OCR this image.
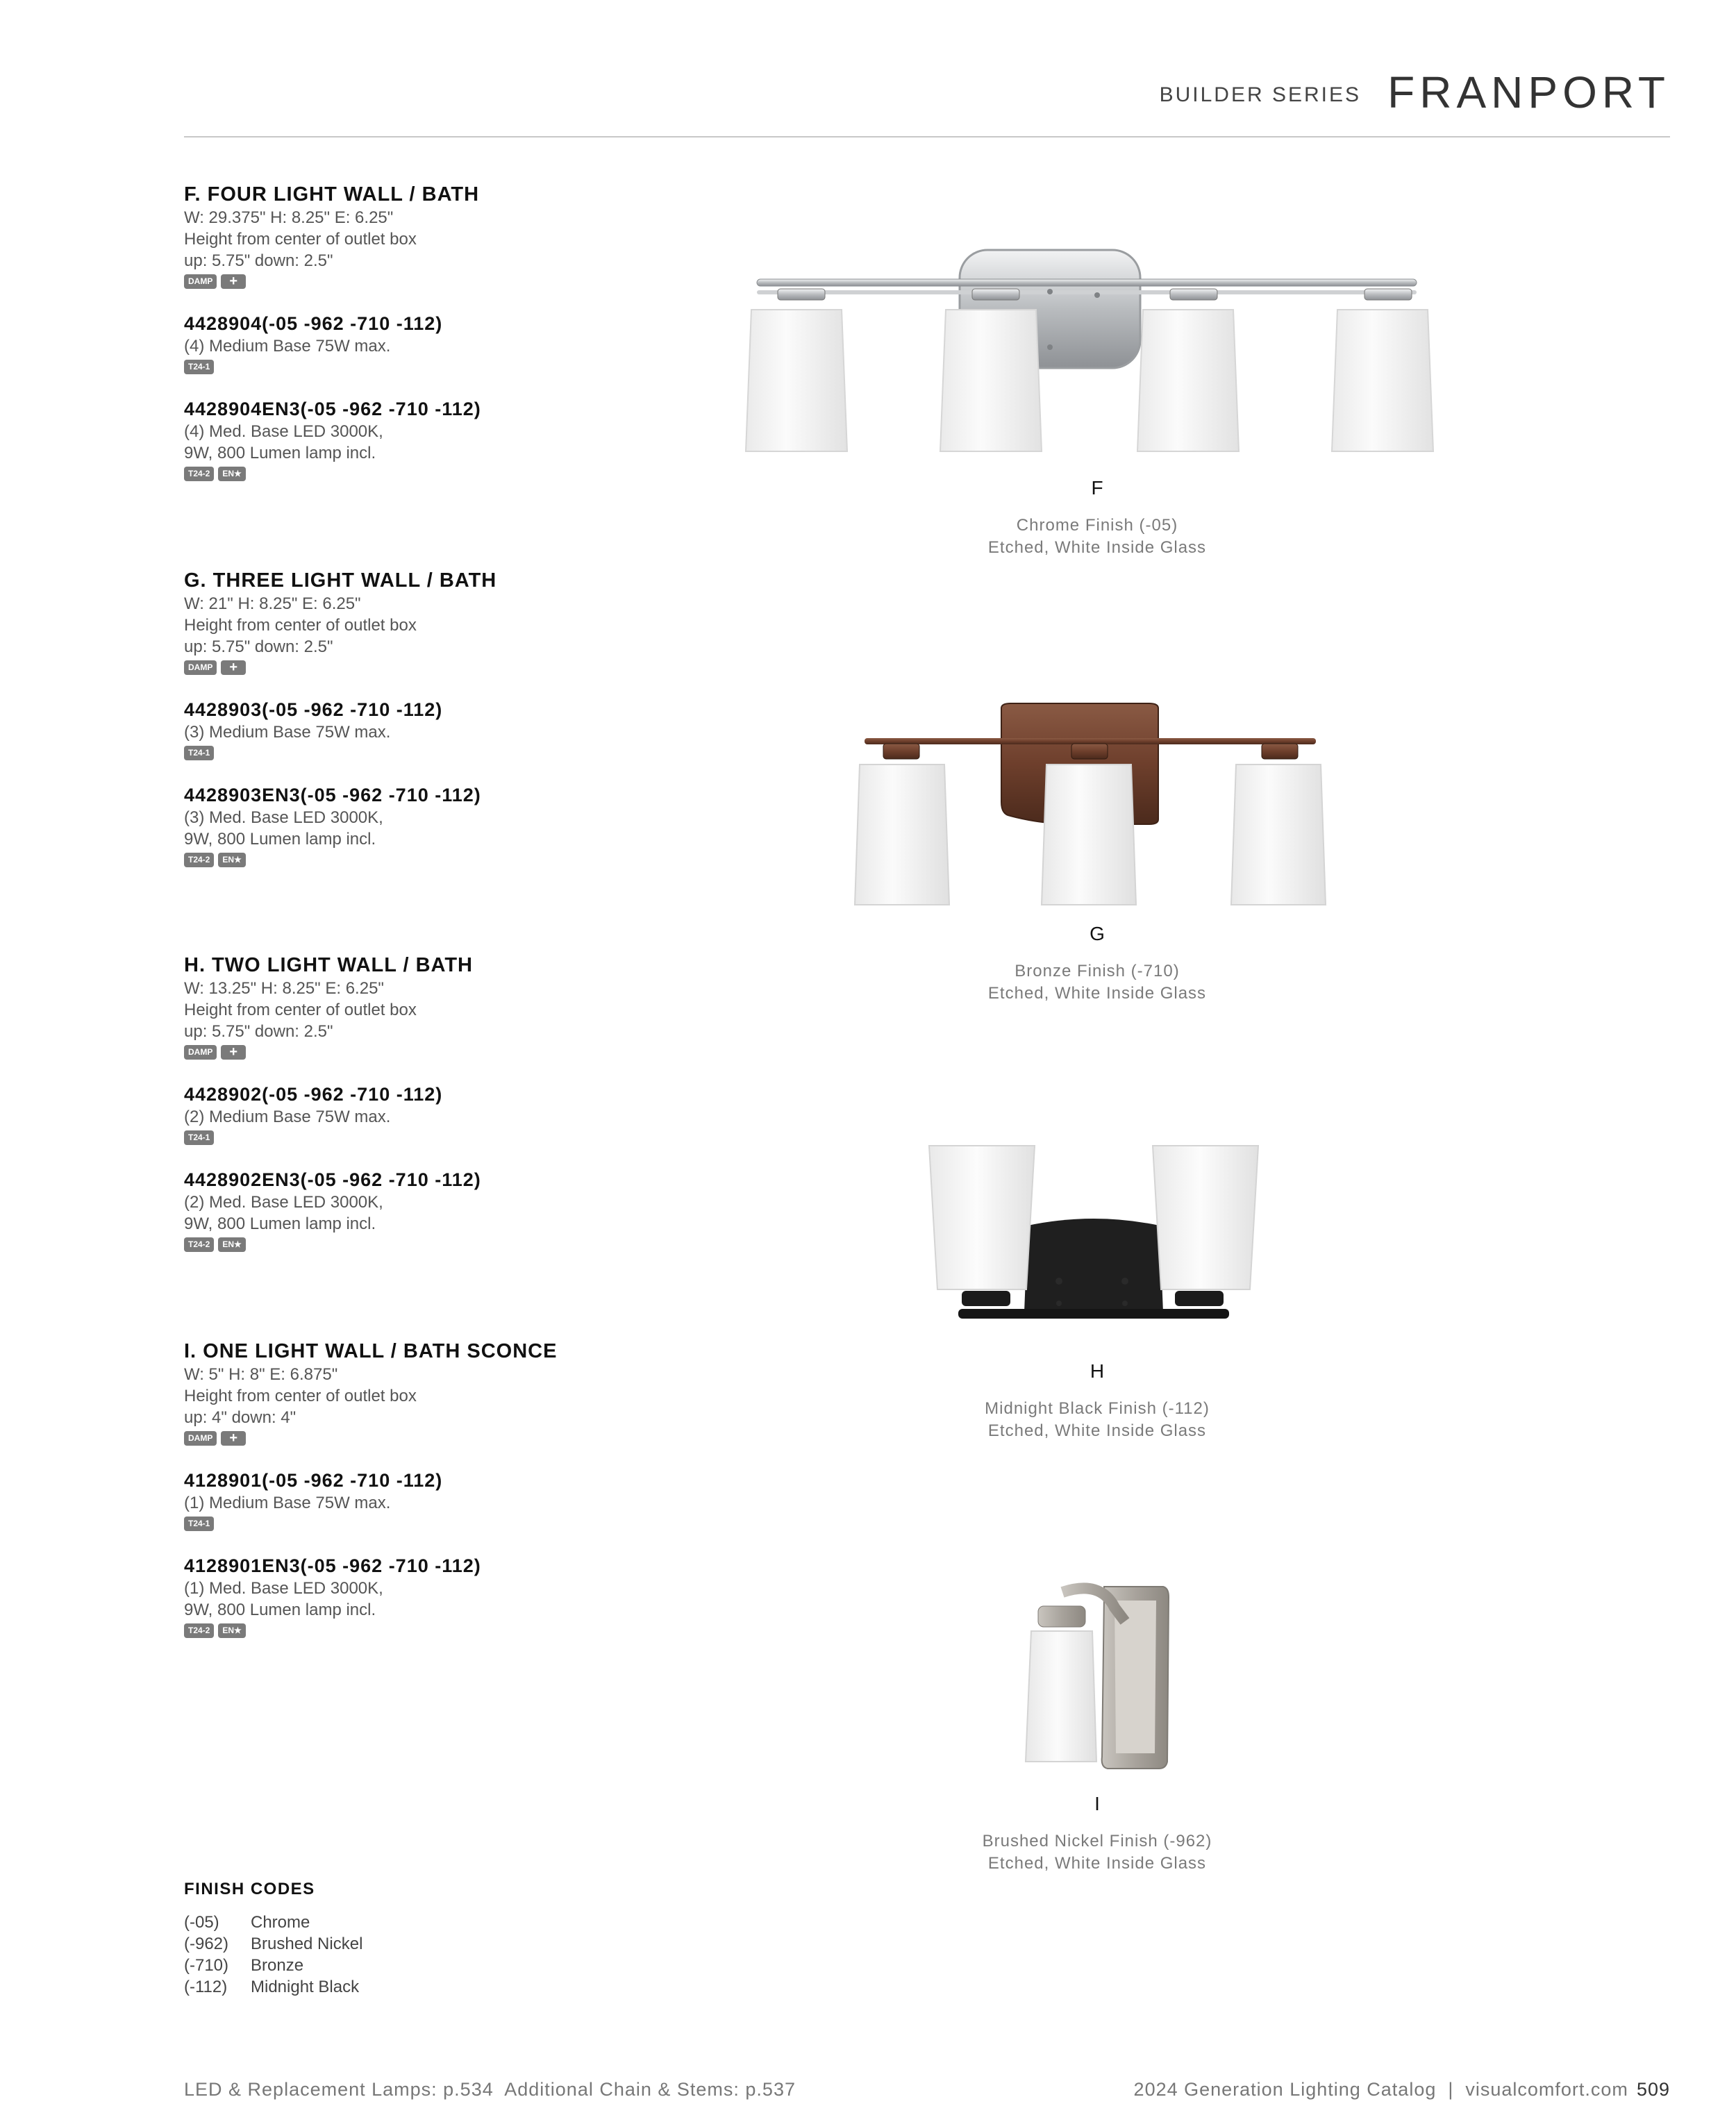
BUILDER SERIES FRANPORT
F. FOUR LIGHT WALL / BATH
W: 29.375" H: 8.25" E: 6.25"
Height from center of outlet box
up: 5.75" down: 2.5"
DAMP +
4428904(-05 -962 -710 -112)
(4) Medium Base 75W max.
T24-1
4428904EN3(-05 -962 -710 -112)
(4) Med. Base LED 3000K,
9W, 800 Lumen lamp incl.
T24-2 EN★
G. THREE LIGHT WALL / BATH
W: 21" H: 8.25" E: 6.25"
Height from center of outlet box
up: 5.75" down: 2.5"
DAMP +
4428903(-05 -962 -710 -112)
(3) Medium Base 75W max.
T24-1
4428903EN3(-05 -962 -710 -112)
(3) Med. Base LED 3000K,
9W, 800 Lumen lamp incl.
T24-2 EN★
H. TWO LIGHT WALL / BATH
W: 13.25" H: 8.25" E: 6.25"
Height from center of outlet box
up: 5.75" down: 2.5"
DAMP +
4428902(-05 -962 -710 -112)
(2) Medium Base 75W max.
T24-1
4428902EN3(-05 -962 -710 -112)
(2) Med. Base LED 3000K,
9W, 800 Lumen lamp incl.
T24-2 EN★
I. ONE LIGHT WALL / BATH SCONCE
W: 5" H: 8" E: 6.875"
Height from center of outlet box
up: 4" down: 4"
DAMP +
4128901(-05 -962 -710 -112)
(1) Medium Base 75W max.
T24-1
4128901EN3(-05 -962 -710 -112)
(1) Med. Base LED 3000K,
9W, 800 Lumen lamp incl.
T24-2 EN★
F
Chrome Finish (-05)
Etched, White Inside Glass
G
Bronze Finish (-710)
Etched, White Inside Glass
H
Midnight Black Finish (-112)
Etched, White Inside Glass
I
Brushed Nickel Finish (-962)
Etched, White Inside Glass
FINISH CODES
(-05) Chrome
(-962) Brushed Nickel
(-710) Bronze
(-112) Midnight Black
LED & Replacement Lamps: p.534  Additional Chain & Stems: p.537	2024 Generation Lighting Catalog  |  visualcomfort.com 509
